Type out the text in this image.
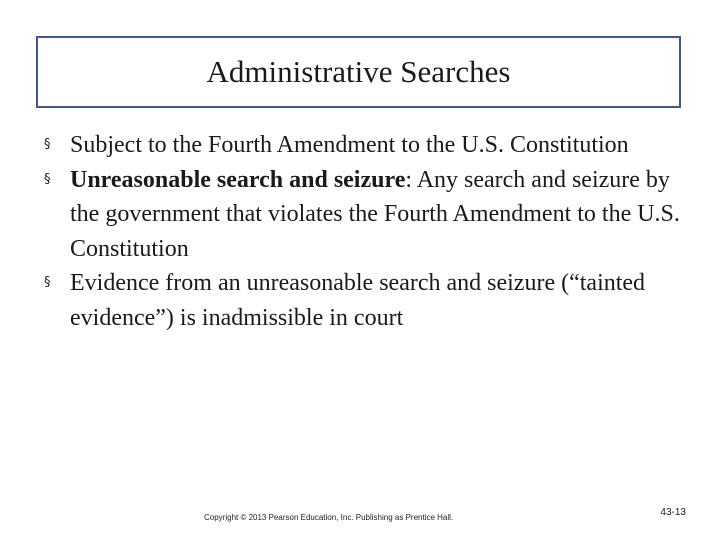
Administrative Searches
§ Subject to the Fourth Amendment to the U.S. Constitution
§ Unreasonable search and seizure: Any search and seizure by the government that violates the Fourth Amendment to the U.S. Constitution
§ Evidence from an unreasonable search and seizure (“tainted evidence”) is inadmissible in court
Copyright © 2013 Pearson Education, Inc. Publishing as Prentice Hall.	43-13
